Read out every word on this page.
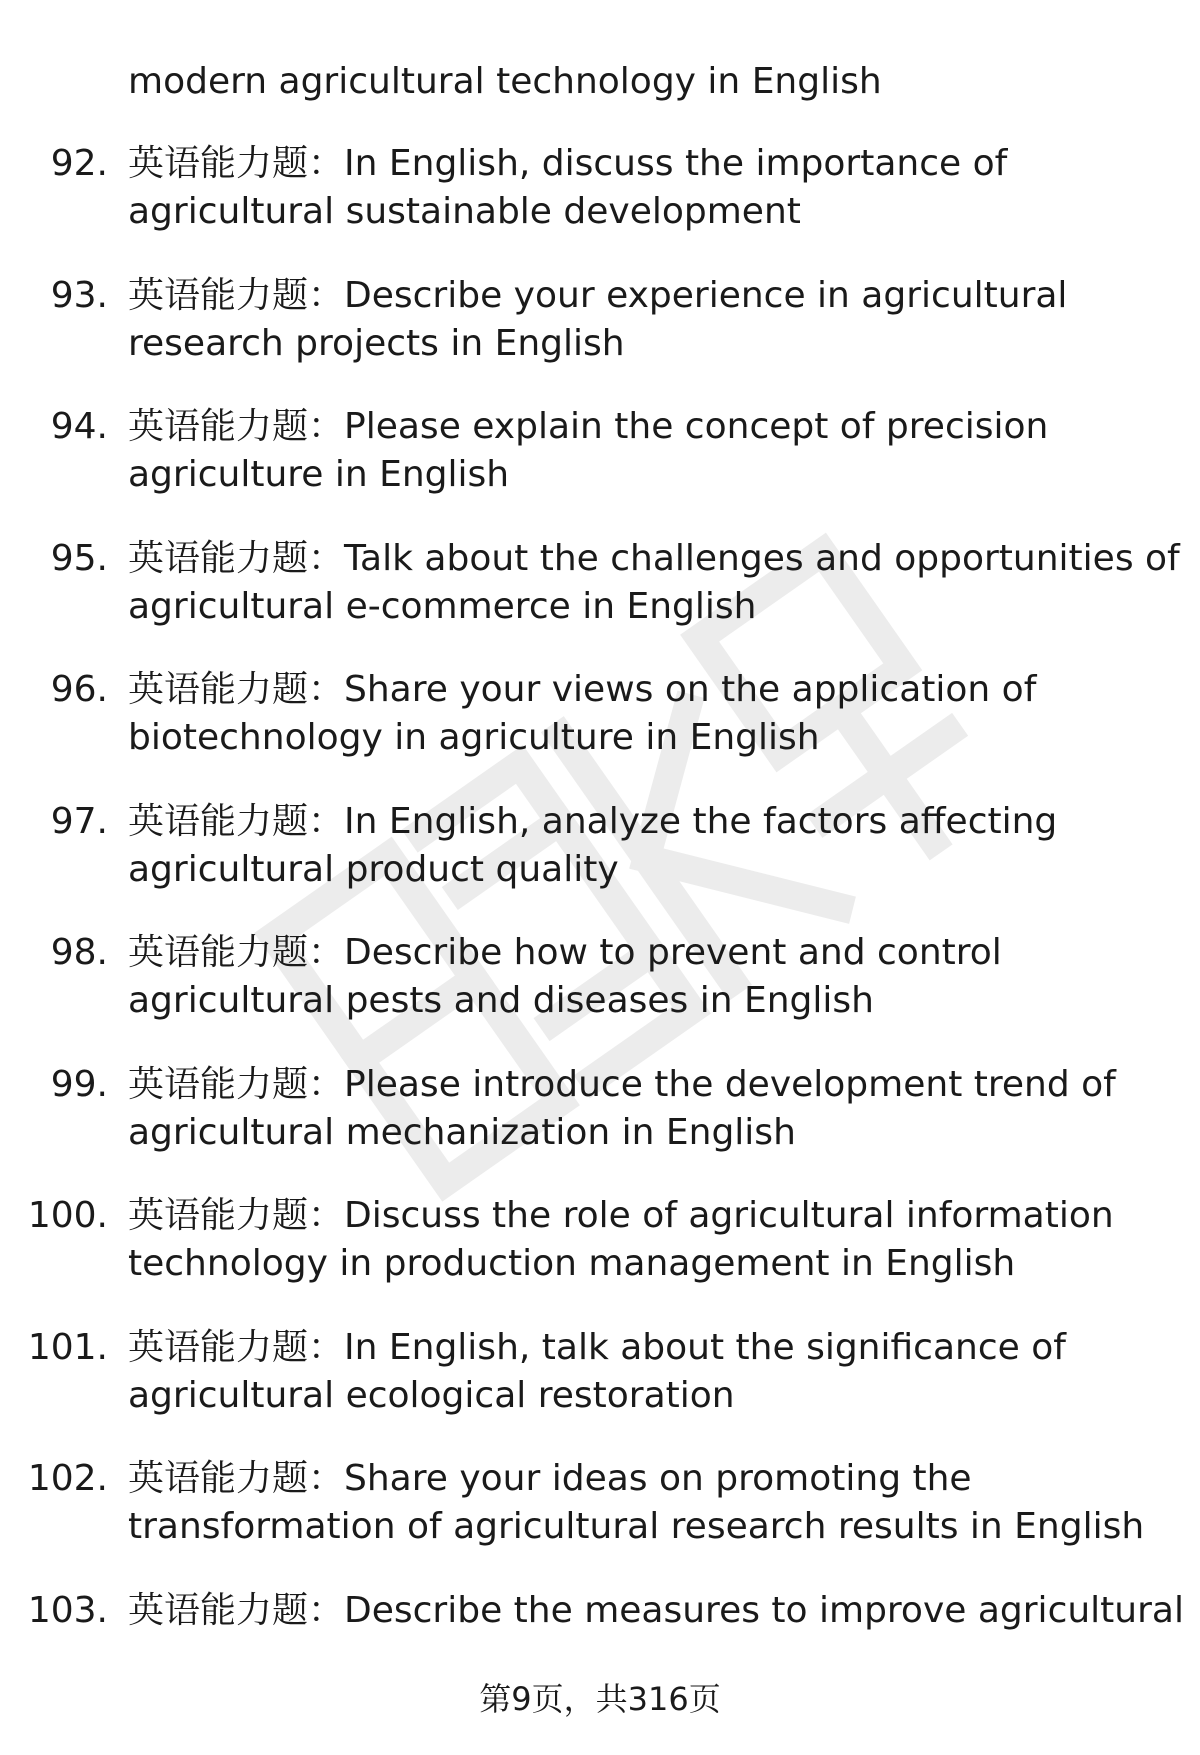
modern agricultural technology in English
92. 英语能力题：In English, discuss the importance of
agricultural sustainable development
93. 英语能力题：Describe your experience in agricultural
research projects in English
94. 英语能力题：Please explain the concept of precision
agriculture in English
95. 英语能力题：Talk about the challenges and opportunities of
agricultural e-commerce in English
96. 英语能力题：Share your views on the application of
biotechnology in agriculture in English
97. 英语能力题：In English, analyze the factors affecting
agricultural product quality
98. 英语能力题：Describe how to prevent and control
agricultural pests and diseases in English
99. 英语能力题：Please introduce the development trend of
agricultural mechanization in English
100. 英语能力题：Discuss the role of agricultural information
technology in production management in English
101. 英语能力题：In English, talk about the significance of
agricultural ecological restoration
102. 英语能力题：Share your ideas on promoting the
transformation of agricultural research results in English
103. 英语能力题：Describe the measures to improve agricultural
第9页，共316页
